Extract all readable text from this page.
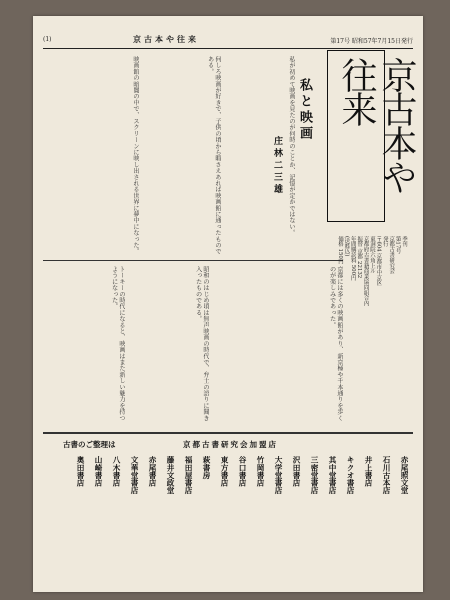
(1)	京古本や往来	第17号 昭和57年7月15日発行
京古本や往来
私と映画
庄林二三雄 私が初めて映画を見たのが何時のことか、記憶が定かではない。
何しろ映画が好きで、子供の頃から暇さえあれば映画館に通ったものである。
映画館の暗闇の中で、スクリーンに映し出される世界に夢中になった。
京都には多くの映画館があり、新京極や千本通りを歩くのが楽しみであった。
昭和のはじめ頃は無声映画の時代で、弁士の語りに聞き入ったものである。
トーキーの時代になると、映画はまた新しい魅力を持つようになった。
季刊
第17号
京都古書研究会
発行
〒604 京都市中京区
東洞院六角上ル
京都府古書籍商業協同組合内
振替 京都 22132
年間購読料 500円
(送料込)
価格 150円
古書のご整理は	京都古書研究会加盟店
赤尾照文堂
石川古本店
井上書店
キクオ書店
其中堂書店
三密堂書店
沢田書店
大学堂書店
竹岡書店
谷口書店
東方書店
萩書房
福田屋書店
藤井文政堂
赤尾書店
文華堂書店
八木書店
山崎書店
奥田書店
